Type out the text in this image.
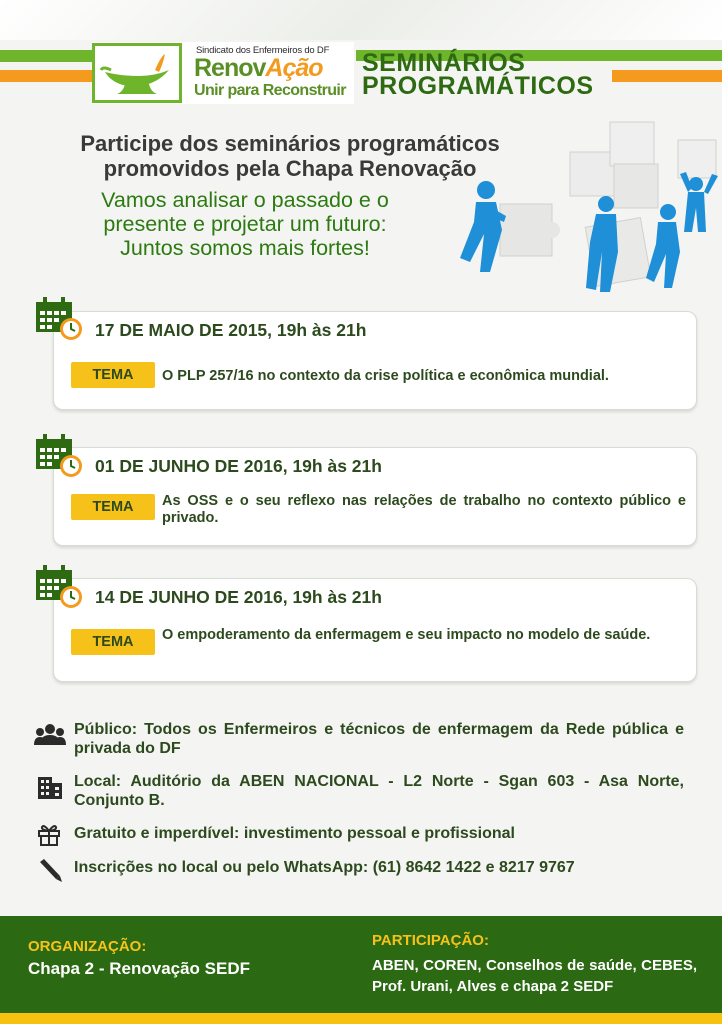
Sindicato dos Enfermeiros do DF
RenovAção
Unir para Reconstruir
SEMINÁRIOS
PROGRAMÁTICOS
Participe dos seminários programáticos
promovidos pela Chapa Renovação
Vamos analisar o passado e o
presente e projetar um futuro:
Juntos somos mais fortes!
17 DE MAIO DE 2015, 19h às 21h
TEMA	O PLP 257/16 no contexto da crise política e econômica mundial.
01 DE JUNHO DE 2016, 19h às 21h
TEMA	As OSS e o seu reflexo nas relações de trabalho no contexto público e privado.
14 DE JUNHO DE 2016, 19h às 21h
TEMA	O empoderamento da enfermagem e seu impacto no modelo de saúde.
Público: Todos os Enfermeiros e técnicos de enfermagem da Rede pública e privada do DF
Local: Auditório da ABEN NACIONAL - L2 Norte - Sgan 603 - Asa Norte, Conjunto B.
Gratuito e imperdível: investimento pessoal e profissional
Inscrições no local ou pelo WhatsApp: (61) 8642 1422 e 8217 9767
ORGANIZAÇÃO:
Chapa 2 - Renovação SEDF
PARTICIPAÇÃO:
ABEN, COREN, Conselhos de saúde, CEBES, Prof. Urani, Alves e chapa 2 SEDF
